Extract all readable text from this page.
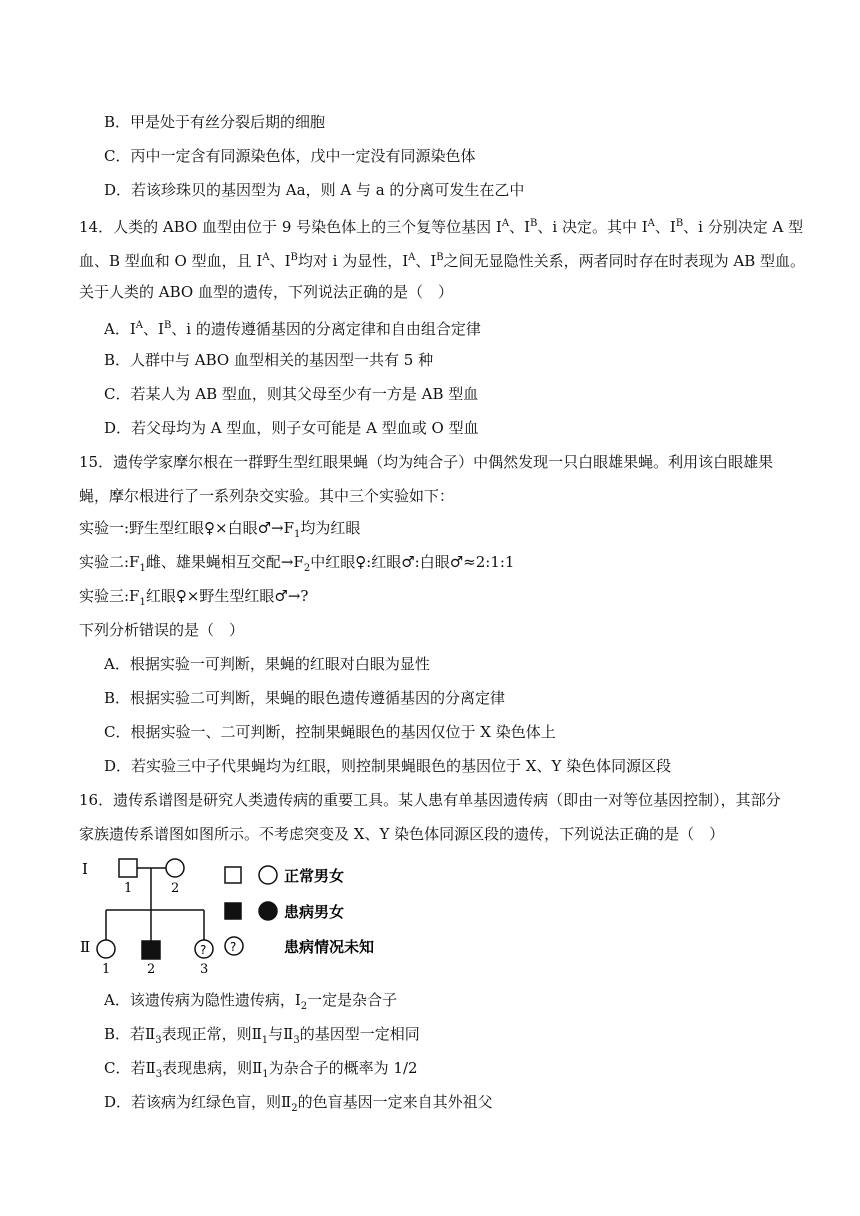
B．甲是处于有丝分裂后期的细胞
C．丙中一定含有同源染色体，戊中一定没有同源染色体
D．若该珍珠贝的基因型为 Aa，则 A 与 a 的分离可发生在乙中
14．人类的 ABO 血型由位于 9 号染色体上的三个复等位基因 $I^A$、$I^B$、i 决定。其中 $I^A$、$I^B$、i 分别决定 A 型
血、B 型血和 O 型血，且 $I^A$、$I^B$均对 i 为显性，$I^A$、$I^B$之间无显隐性关系，两者同时存在时表现为 AB 型血。
关于人类的 ABO 血型的遗传，下列说法正确的是（　）
A．$I^A$、$I^B$、i 的遗传遵循基因的分离定律和自由组合定律
B．人群中与 ABO 血型相关的基因型一共有 5 种
C．若某人为 AB 型血，则其父母至少有一方是 AB 型血
D．若父母均为 A 型血，则子女可能是 A 型血或 O 型血
15．遗传学家摩尔根在一群野生型红眼果蝇（均为纯合子）中偶然发现一只白眼雄果蝇。利用该白眼雄果
蝇，摩尔根进行了一系列杂交实验。其中三个实验如下：
实验一:野生型红眼♀×白眼$♂\to F_1$均为红眼
实验二$:F_1$雌、雄果蝇相互交配$\to F_2$中红眼♀:红眼♂:白眼♂≈2:1:1
实验三$:F_1$红眼♀×野生型红眼♂→?
下列分析错误的是（　）
A．根据实验一可判断，果蝇的红眼对白眼为显性
B．根据实验二可判断，果蝇的眼色遗传遵循基因的分离定律
C．根据实验一、二可判断，控制果蝇眼色的基因仅位于 X 染色体上
D．若实验三中子代果蝇均为红眼，则控制果蝇眼色的基因位于 X、Y 染色体同源区段
16．遗传系谱图是研究人类遗传病的重要工具。某人患有单基因遗传病（即由一对等位基因控制），其部分
家族遗传系谱图如图所示。不考虑突变及 X、Y 染色体同源区段的遗传，下列说法正确的是（　）
Ⅰ
Ⅱ
1	2
?
1	2	3
正常男女
患病男女
?	患病情况未知
A．该遗传病为隐性遗传病，$Ⅰ_2$一定是杂合子
B．若$Ⅱ_3$表现正常，则$Ⅱ_1$与$Ⅱ_3$的基因型一定相同
C．若$Ⅱ_3$表现患病，则$Ⅱ_1$为杂合子的概率为 1/2
D．若该病为红绿色盲，则$Ⅱ_2$的色盲基因一定来自其外祖父
